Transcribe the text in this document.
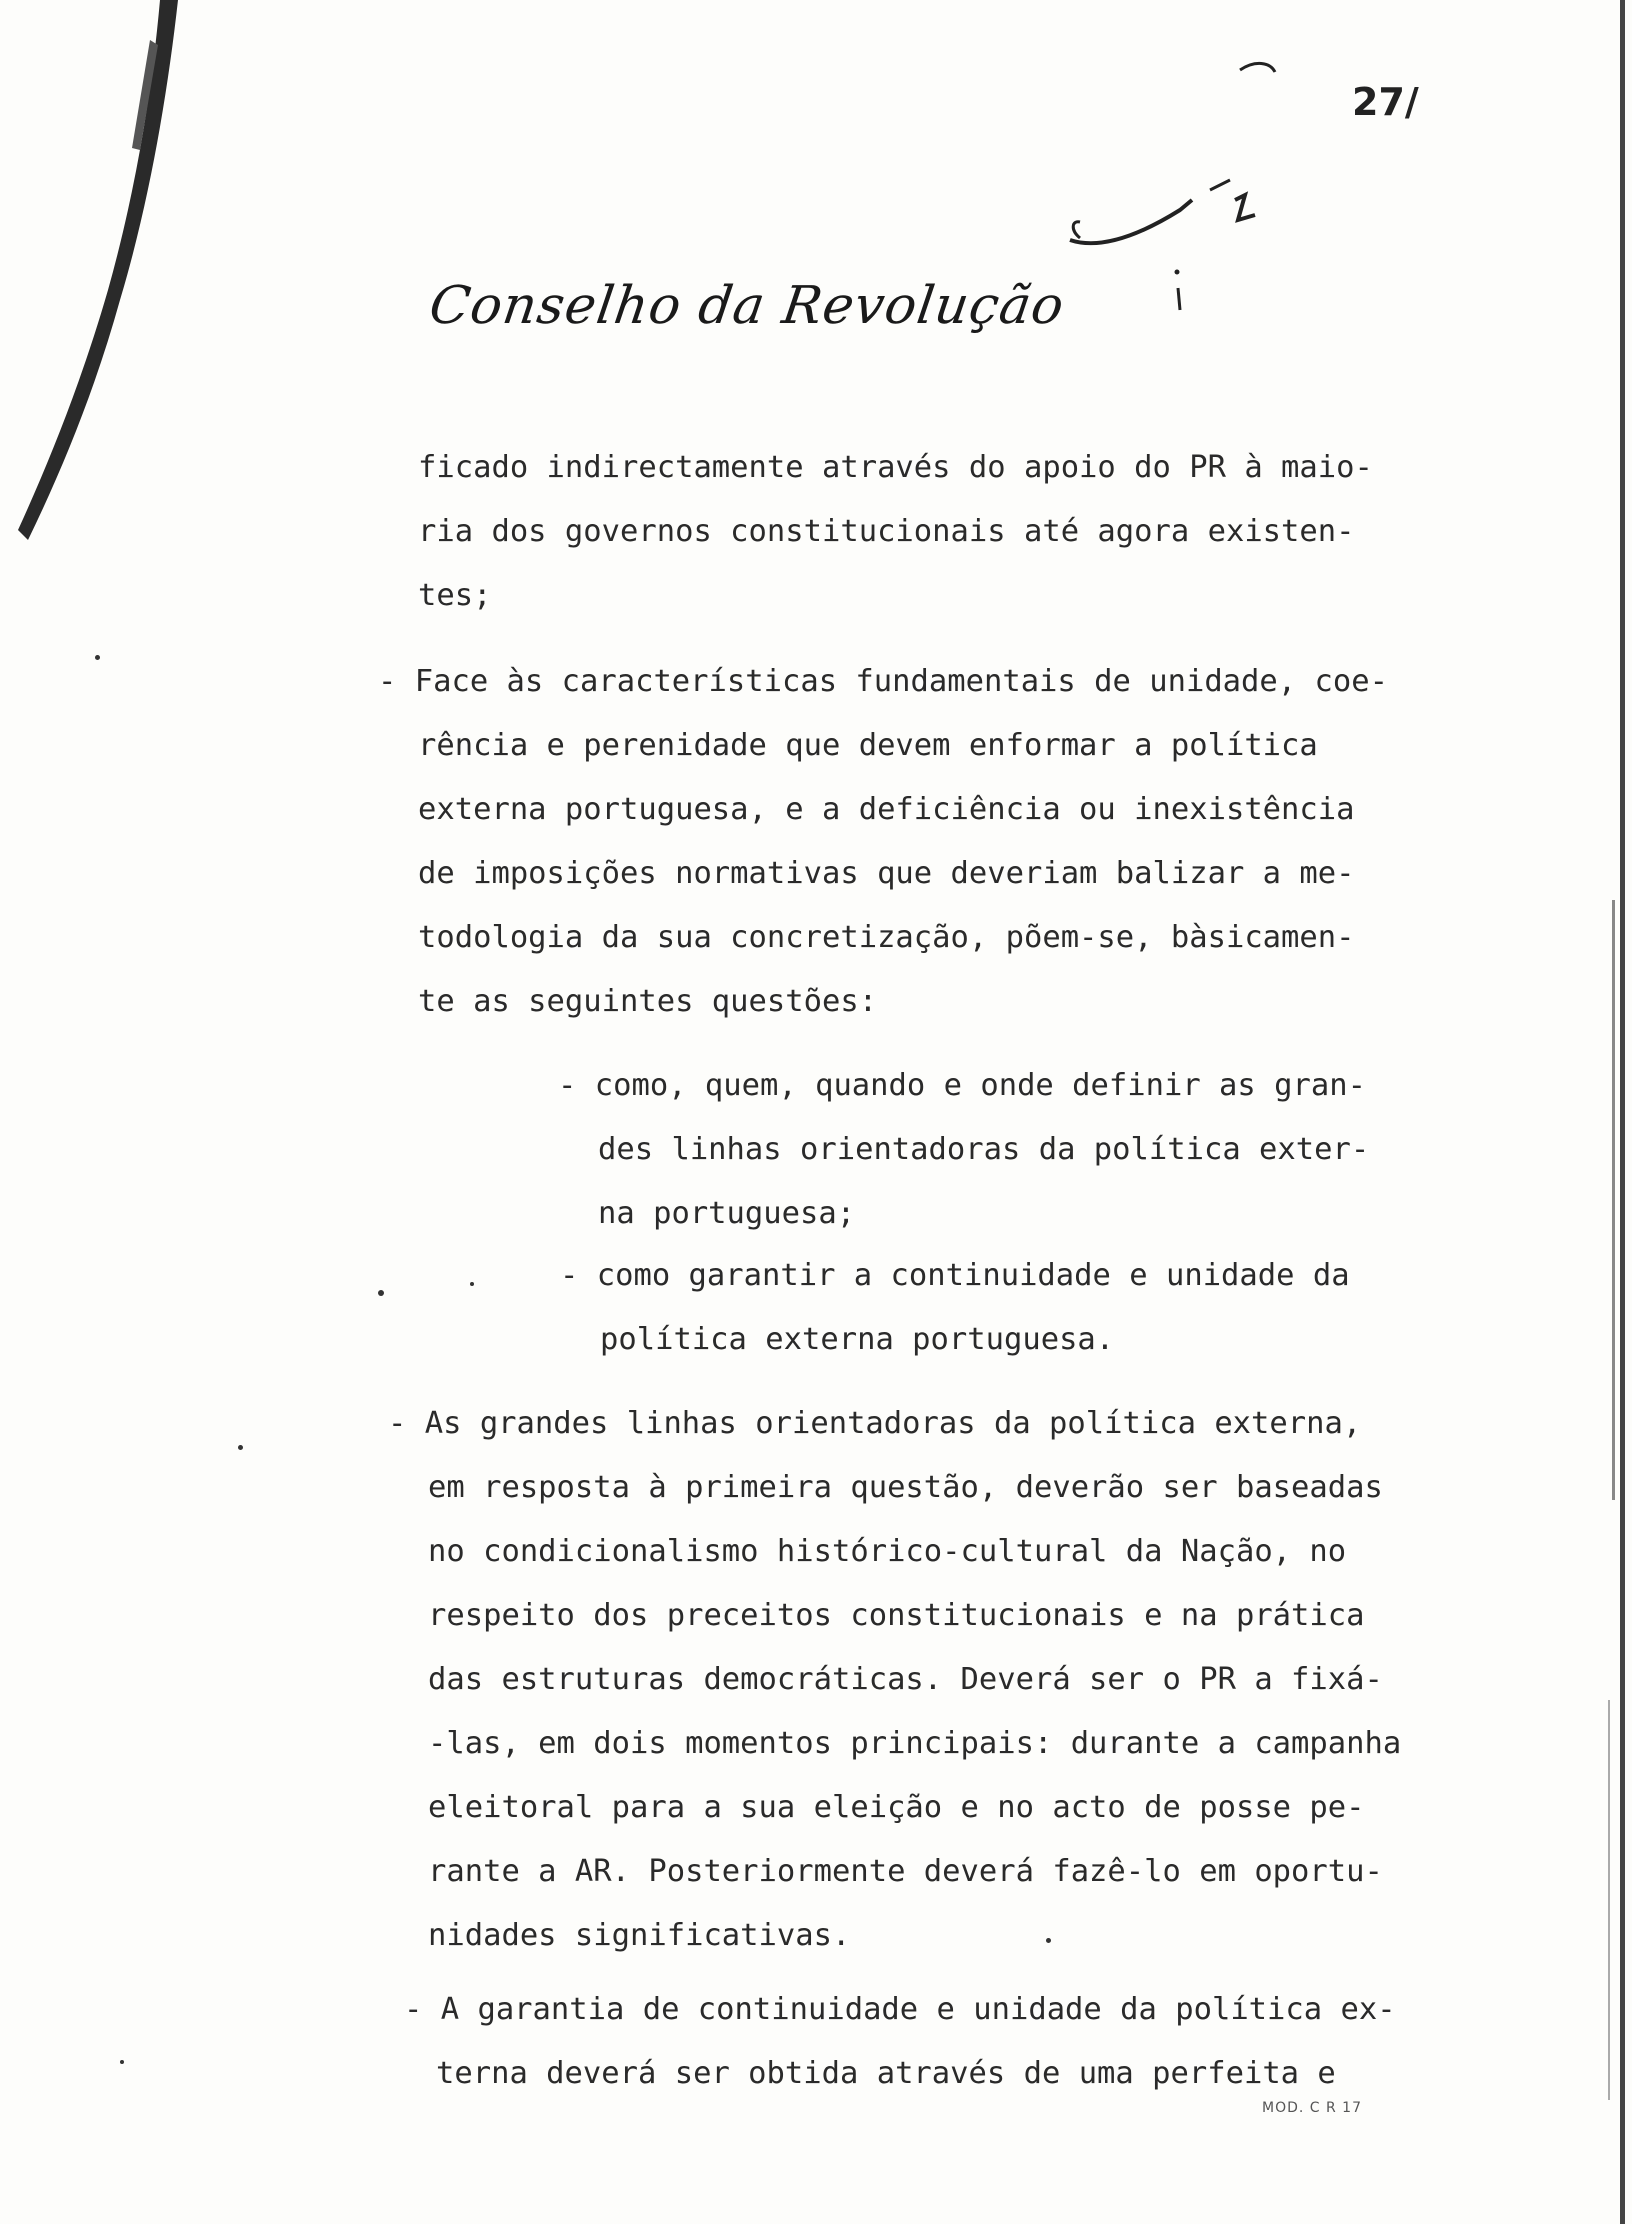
27/
Conselho da Revolução
ficado indirectamente através do apoio do PR à maio-
ria dos governos constitucionais até agora existen-
tes;
- Face às características fundamentais de unidade, coe-
rência e perenidade que devem enformar a política
externa portuguesa, e a deficiência ou inexistência
de imposições normativas que deveriam balizar a me-
todologia da sua concretização, põem-se, bàsicamen-
te as seguintes questões:
- como, quem, quando e onde definir as gran-
des linhas orientadoras da política exter-
na portuguesa;
- como garantir a continuidade e unidade da
política externa portuguesa.
- As grandes linhas orientadoras da política externa,
em resposta à primeira questão, deverão ser baseadas
no condicionalismo histórico-cultural da Nação, no
respeito dos preceitos constitucionais e na prática
das estruturas democráticas. Deverá ser o PR a fixá-
-las, em dois momentos principais: durante a campanha
eleitoral para a sua eleição e no acto de posse pe-
rante a AR. Posteriormente deverá fazê-lo em oportu-
nidades significativas.
- A garantia de continuidade e unidade da política ex-
terna deverá ser obtida através de uma perfeita e
MOD. C R 17
